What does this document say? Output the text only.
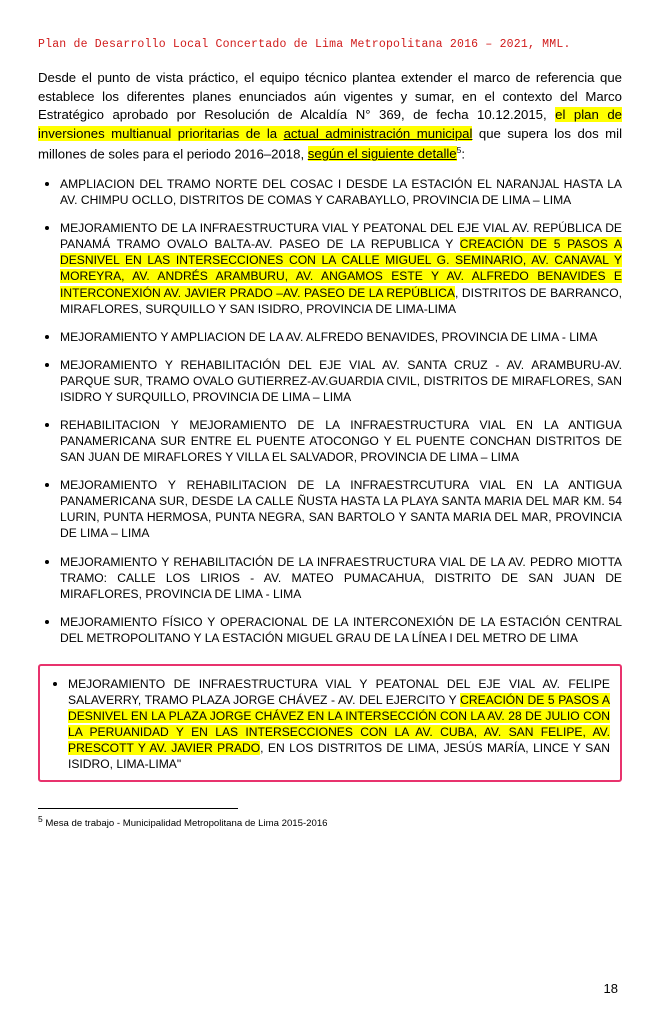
Plan de Desarrollo Local Concertado de Lima Metropolitana 2016 – 2021, MML.

Desde el punto de vista práctico, el equipo técnico plantea extender el marco de referencia que establece los diferentes planes enunciados aún vigentes y sumar, en el contexto del Marco Estratégico aprobado por Resolución de Alcaldía N° 369, de fecha 10.12.2015, el plan de inversiones multianual prioritarias de la actual administración municipal que supera los dos mil millones de soles para el periodo 2016–2018, según el siguiente detalle$^5$:

AMPLIACION DEL TRAMO NORTE DEL COSAC I DESDE LA ESTACIÓN EL NARANJAL HASTA LA AV. CHIMPU OCLLO, DISTRITOS DE COMAS Y CARABAYLLO, PROVINCIA DE LIMA – LIMA
MEJORAMIENTO DE LA INFRAESTRUCTURA VIAL Y PEATONAL DEL EJE VIAL AV. REPÚBLICA DE PANAMÁ TRAMO OVALO BALTA-AV. PASEO DE LA REPUBLICA Y CREACIÓN DE 5 PASOS A DESNIVEL EN LAS INTERSECCIONES CON LA CALLE MIGUEL G. SEMINARIO, AV. CANAVAL Y MOREYRA, AV. ANDRÉS ARAMBURU, AV. ANGAMOS ESTE Y AV. ALFREDO BENAVIDES E INTERCONEXIÓN AV. JAVIER PRADO –AV. PASEO DE LA REPÚBLICA, DISTRITOS DE BARRANCO, MIRAFLORES, SURQUILLO Y SAN ISIDRO, PROVINCIA DE LIMA-LIMA
MEJORAMIENTO Y AMPLIACION DE LA AV. ALFREDO BENAVIDES, PROVINCIA DE LIMA - LIMA
MEJORAMIENTO Y REHABILITACIÓN DEL EJE VIAL AV. SANTA CRUZ - AV. ARAMBURU-AV. PARQUE SUR, TRAMO OVALO GUTIERREZ-AV.GUARDIA CIVIL, DISTRITOS DE MIRAFLORES, SAN ISIDRO Y SURQUILLO, PROVINCIA DE LIMA – LIMA
REHABILITACION Y MEJORAMIENTO DE LA INFRAESTRUCTURA VIAL EN LA ANTIGUA PANAMERICANA SUR ENTRE EL PUENTE ATOCONGO Y EL PUENTE CONCHAN DISTRITOS DE SAN JUAN DE MIRAFLORES Y VILLA EL SALVADOR, PROVINCIA DE LIMA – LIMA
MEJORAMIENTO Y REHABILITACION DE LA INFRAESTRCUTURA VIAL EN LA ANTIGUA PANAMERICANA SUR, DESDE LA CALLE ÑUSTA HASTA LA PLAYA SANTA MARIA DEL MAR KM. 54 LURIN, PUNTA HERMOSA, PUNTA NEGRA, SAN BARTOLO Y SANTA MARIA DEL MAR, PROVINCIA DE LIMA – LIMA
MEJORAMIENTO Y REHABILITACIÓN DE LA INFRAESTRUCTURA VIAL DE LA AV. PEDRO MIOTTA TRAMO: CALLE LOS LIRIOS - AV. MATEO PUMACAHUA, DISTRITO DE SAN JUAN DE MIRAFLORES, PROVINCIA DE LIMA - LIMA
MEJORAMIENTO FÍSICO Y OPERACIONAL DE LA INTERCONEXIÓN DE LA ESTACIÓN CENTRAL DEL METROPOLITANO Y LA ESTACIÓN MIGUEL GRAU DE LA LÍNEA I DEL METRO DE LIMA
MEJORAMIENTO DE INFRAESTRUCTURA VIAL Y PEATONAL DEL EJE VIAL AV. FELIPE SALAVERRY, TRAMO PLAZA JORGE CHÁVEZ - AV. DEL EJERCITO Y CREACIÓN DE 5 PASOS A DESNIVEL EN LA PLAZA JORGE CHÁVEZ EN LA INTERSECCIÓN CON LA AV. 28 DE JULIO CON LA PERUANIDAD Y EN LAS INTERSECCIONES CON LA AV. CUBA, AV. SAN FELIPE, AV. PRESCOTT Y AV. JAVIER PRADO, EN LOS DISTRITOS DE LIMA, JESÚS MARÍA, LINCE Y SAN ISIDRO, LIMA-LIMA"
$^5$ Mesa de trabajo - Municipalidad Metropolitana de Lima 2015-2016
18
